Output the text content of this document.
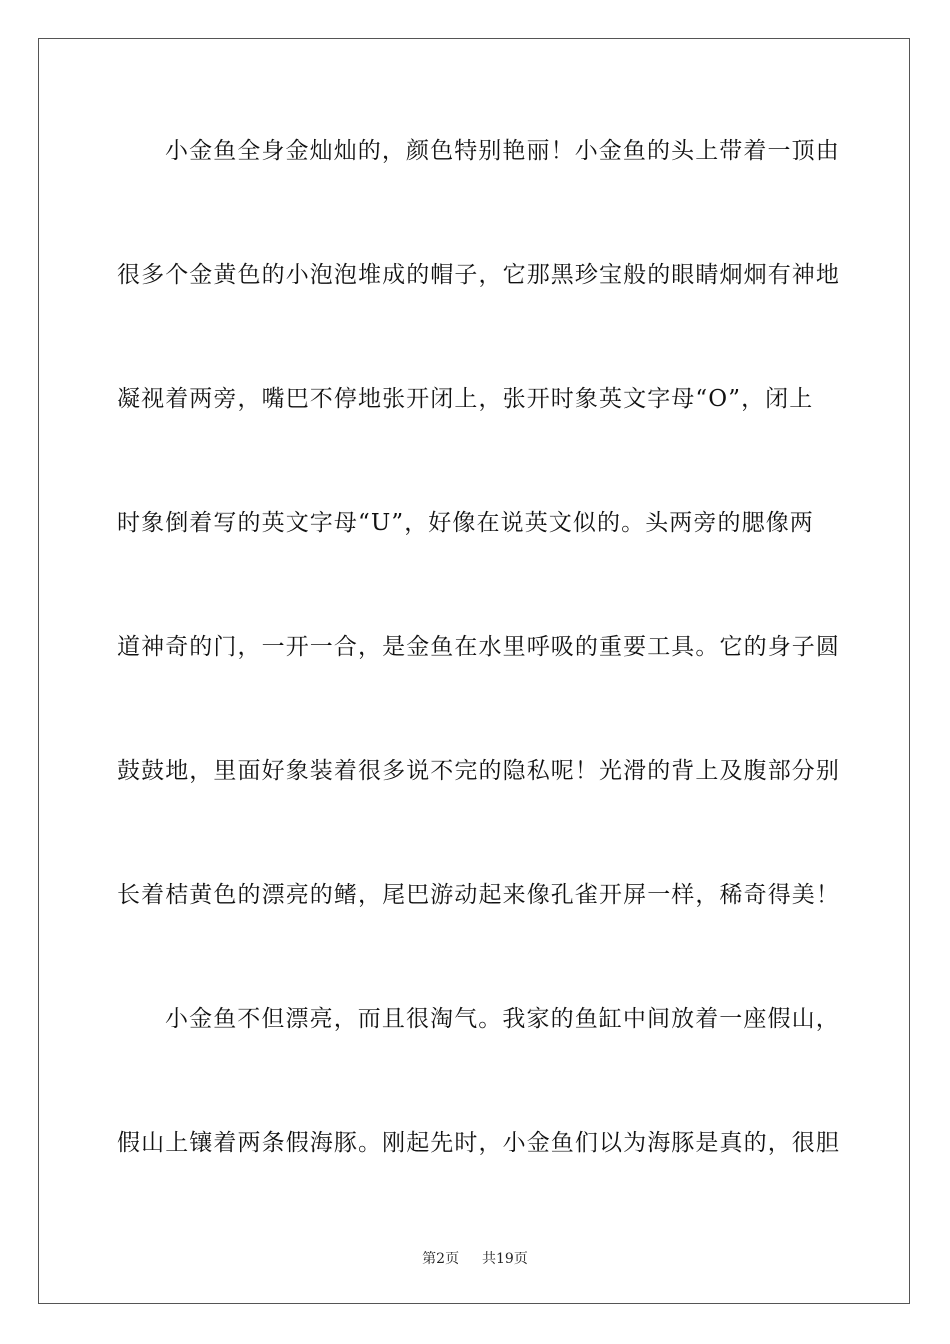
小金鱼全身金灿灿的，颜色特别艳丽！小金鱼的头上带着一顶由
很多个金黄色的小泡泡堆成的帽子，它那黑珍宝般的眼睛炯炯有神地
凝视着两旁，嘴巴不停地张开闭上，张开时象英文字母“O”，闭上
时象倒着写的英文字母“U”，好像在说英文似的。头两旁的腮像两
道神奇的门，一开一合，是金鱼在水里呼吸的重要工具。它的身子圆
鼓鼓地，里面好象装着很多说不完的隐私呢！光滑的背上及腹部分别
长着桔黄色的漂亮的鳍，尾巴游动起来像孔雀开屏一样，稀奇得美！
小金鱼不但漂亮，而且很淘气。我家的鱼缸中间放着一座假山，
假山上镶着两条假海豚。刚起先时，小金鱼们以为海豚是真的，很胆
第2页 共19页
